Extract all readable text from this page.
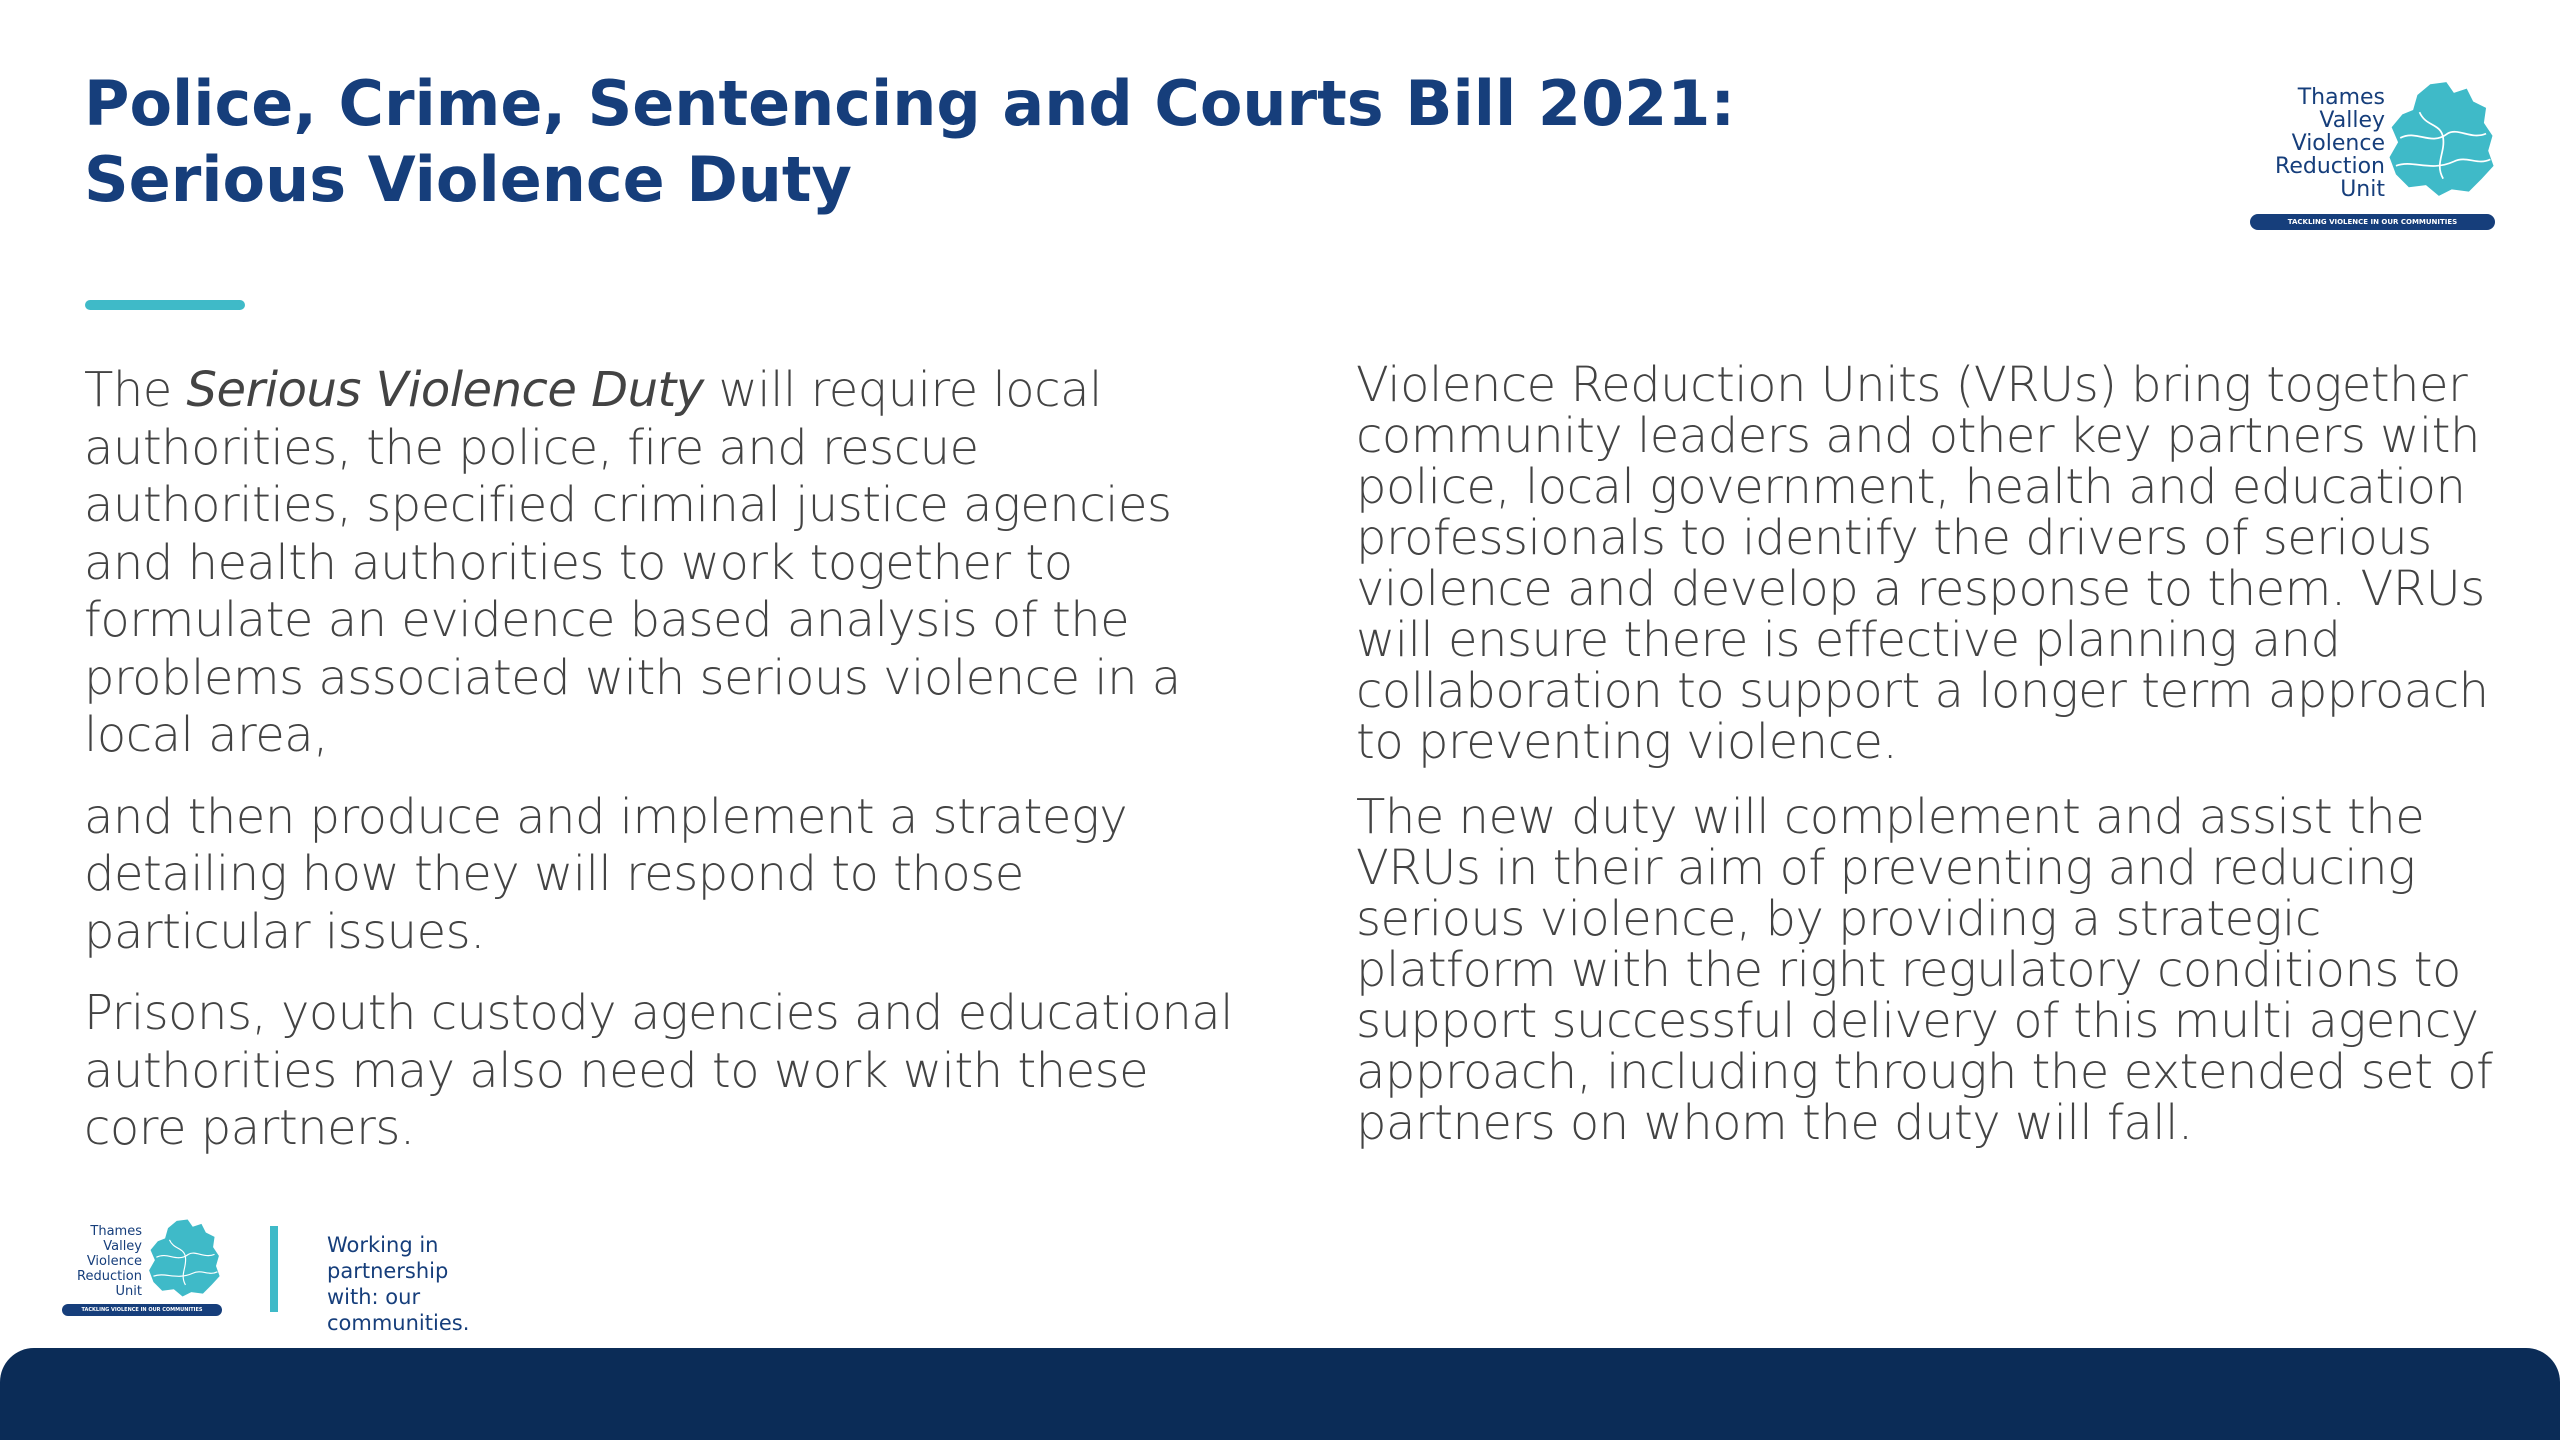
Police, Crime, Sentencing and Courts Bill 2021:
Serious Violence Duty
Thames
Valley
Violence
Reduction
Unit
TACKLING VIOLENCE IN OUR COMMUNITIES

The Serious Violence Duty will require local authorities, the police, fire and rescue authorities, specified criminal justice agencies and health authorities to work together to formulate an evidence based analysis of the problems associated with serious violence in a local area,

and then produce and implement a strategy detailing how they will respond to those particular issues.

Prisons, youth custody agencies and educational authorities may also need to work with these core partners.

Violence Reduction Units (VRUs) bring together community leaders and other key partners with police, local government, health and education professionals to identify the drivers of serious violence and develop a response to them. VRUs will ensure there is effective planning and collaboration to support a longer term approach to preventing violence.

The new duty will complement and assist the VRUs in their aim of preventing and reducing serious violence, by providing a strategic platform with the right regulatory conditions to support successful delivery of this multi agency approach, including through the extended set of partners on whom the duty will fall.

Thames
Valley
Violence
Reduction
Unit
TACKLING VIOLENCE IN OUR COMMUNITIES
Working in
partnership
with: our
communities.
